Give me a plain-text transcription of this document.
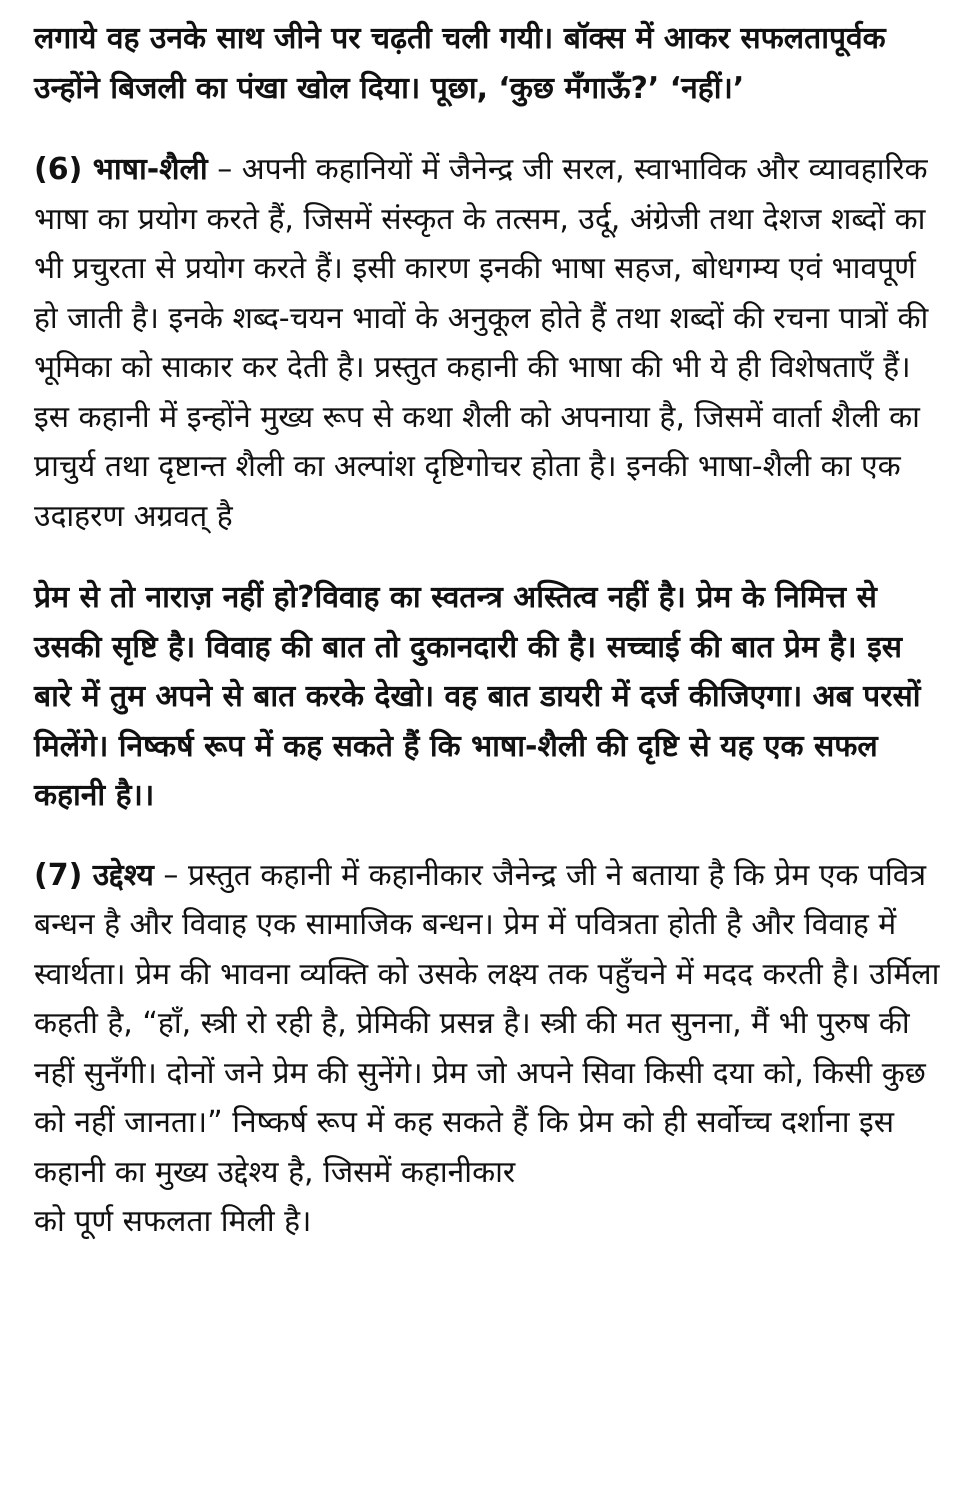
लगाये वह उनके साथ जीने पर चढ़ती चली गयी। बॉक्स में आकर सफलतापूर्वक उन्होंने बिजली का पंखा खोल दिया। पूछा, ‘कुछ मँगाऊँ?’ ‘नहीं।’

(6) भाषा-शैली – अपनी कहानियों में जैनेन्द्र जी सरल, स्वाभाविक और व्यावहारिक भाषा का प्रयोग करते हैं, जिसमें संस्कृत के तत्सम, उर्दू, अंग्रेजी तथा देशज शब्दों का भी प्रचुरता से प्रयोग करते हैं। इसी कारण इनकी भाषा सहज, बोधगम्य एवं भावपूर्ण हो जाती है। इनके शब्द-चयन भावों के अनुकूल होते हैं तथा शब्दों की रचना पात्रों की भूमिका को साकार कर देती है। प्रस्तुत कहानी की भाषा की भी ये ही विशेषताएँ हैं। इस कहानी में इन्होंने मुख्य रूप से कथा शैली को अपनाया है, जिसमें वार्ता शैली का प्राचुर्य तथा दृष्टान्त शैली का अल्पांश दृष्टिगोचर होता है। इनकी भाषा-शैली का एक उदाहरण अग्रवत् है

प्रेम से तो नाराज़ नहीं हो?विवाह का स्वतन्त्र अस्तित्व नहीं है। प्रेम के निमित्त से उसकी सृष्टि है। विवाह की बात तो दुकानदारी की है। सच्चाई की बात प्रेम है। इस बारे में तुम अपने से बात करके देखो। वह बात डायरी में दर्ज कीजिएगा। अब परसों मिलेंगे। निष्कर्ष रूप में कह सकते हैं कि भाषा-शैली की दृष्टि से यह एक सफल कहानी है।।

(7) उद्देश्य – प्रस्तुत कहानी में कहानीकार जैनेन्द्र जी ने बताया है कि प्रेम एक पवित्र बन्धन है और विवाह एक सामाजिक बन्धन। प्रेम में पवित्रता होती है और विवाह में स्वार्थता। प्रेम की भावना व्यक्ति को उसके लक्ष्य तक पहुँचने में मदद करती है। उर्मिला कहती है, “हाँ, स्त्री रो रही है, प्रेमिकी प्रसन्न है। स्त्री की मत सुनना, मैं भी पुरुष की नहीं सुनँगी। दोनों जने प्रेम की सुनेंगे। प्रेम जो अपने सिवा किसी दया को, किसी कुछ को नहीं जानता।” निष्कर्ष रूप में कह सकते हैं कि प्रेम को ही सर्वोच्च दर्शाना इस कहानी का मुख्य उद्देश्य है, जिसमें कहानीकार
को पूर्ण सफलता मिली है।
